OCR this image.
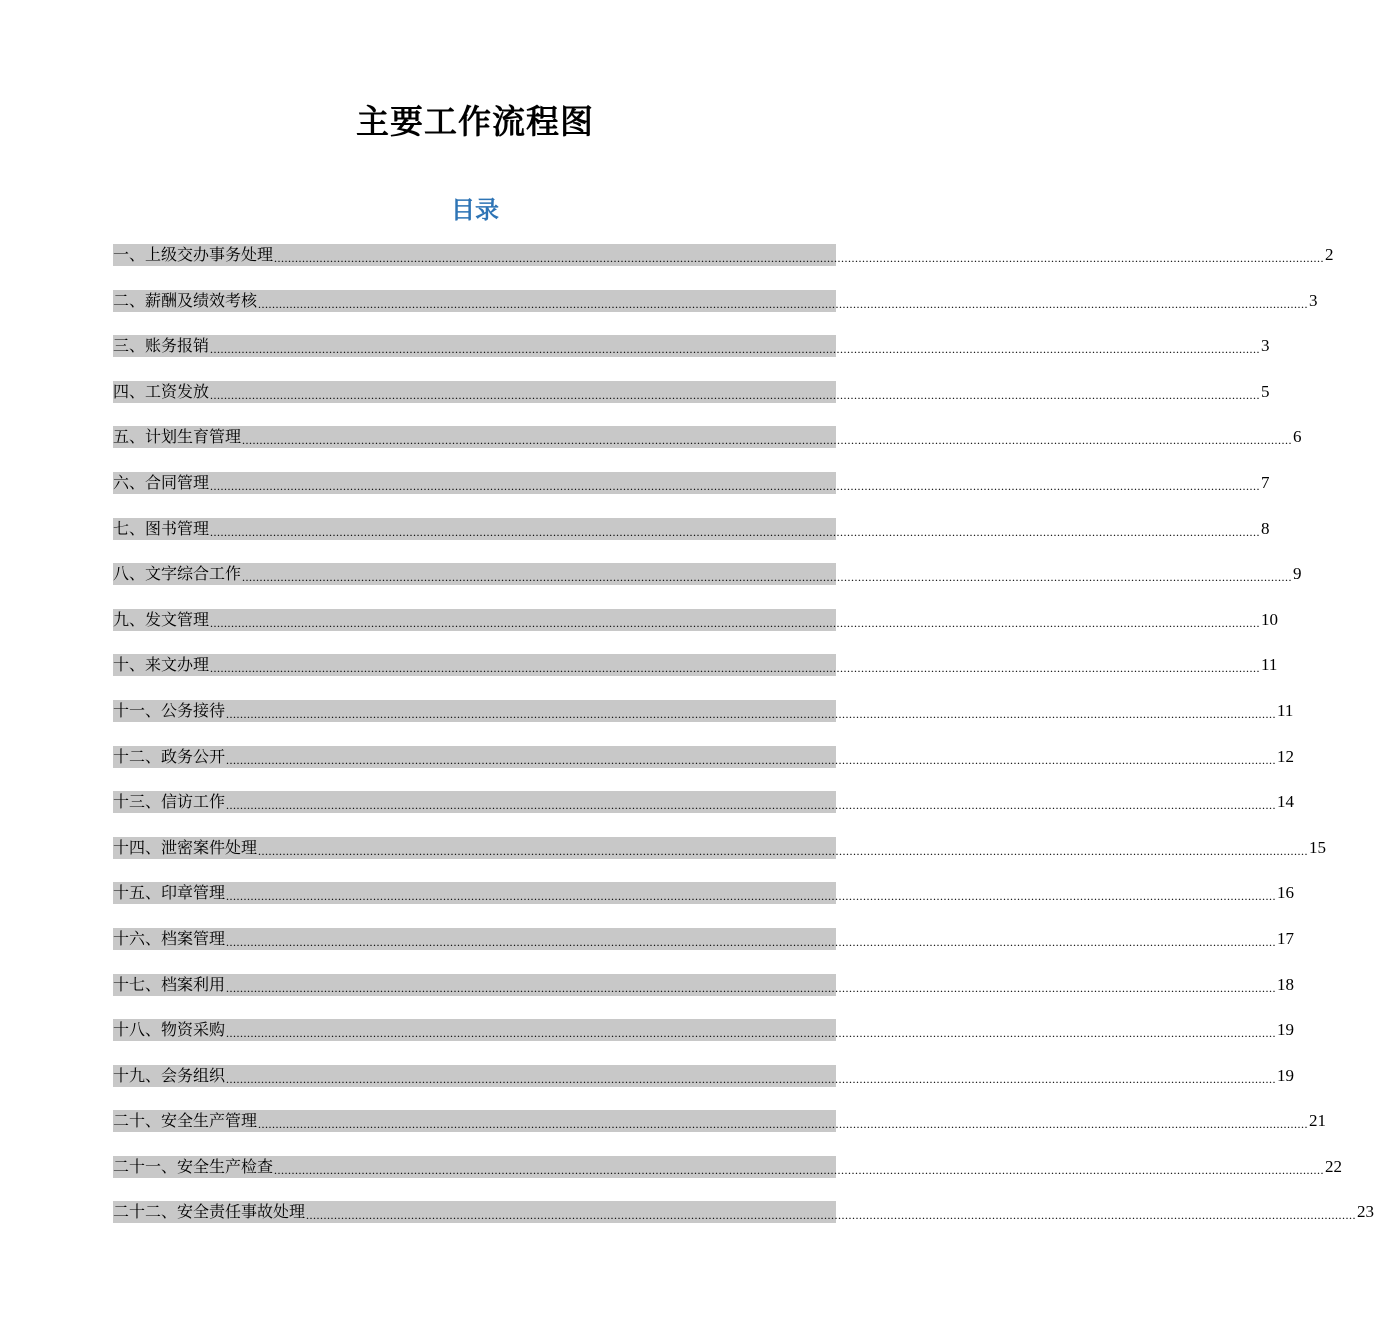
主要工作流程图
目录
一、上级交办事务处理 ............................................................................................................................................................................................................................................................................................................ 2
二、薪酬及绩效考核 ............................................................................................................................................................................................................................................................................................................ 3
三、账务报销 ............................................................................................................................................................................................................................................................................................................ 3
四、工资发放 ............................................................................................................................................................................................................................................................................................................ 5
五、计划生育管理 ............................................................................................................................................................................................................................................................................................................ 6
六、合同管理 ............................................................................................................................................................................................................................................................................................................ 7
七、图书管理 ............................................................................................................................................................................................................................................................................................................ 8
八、文字综合工作 ............................................................................................................................................................................................................................................................................................................ 9
九、发文管理 ............................................................................................................................................................................................................................................................................................................ 10
十、来文办理 ............................................................................................................................................................................................................................................................................................................ 11
十一、公务接待 ............................................................................................................................................................................................................................................................................................................ 11
十二、政务公开 ............................................................................................................................................................................................................................................................................................................ 12
十三、信访工作 ............................................................................................................................................................................................................................................................................................................ 14
十四、泄密案件处理 ............................................................................................................................................................................................................................................................................................................ 15
十五、印章管理 ............................................................................................................................................................................................................................................................................................................ 16
十六、档案管理 ............................................................................................................................................................................................................................................................................................................ 17
十七、档案利用 ............................................................................................................................................................................................................................................................................................................ 18
十八、物资采购 ............................................................................................................................................................................................................................................................................................................ 19
十九、会务组织 ............................................................................................................................................................................................................................................................................................................ 19
二十、安全生产管理 ............................................................................................................................................................................................................................................................................................................ 21
二十一、安全生产检查 ............................................................................................................................................................................................................................................................................................................ 22
二十二、安全责任事故处理 ............................................................................................................................................................................................................................................................................................................ 23
